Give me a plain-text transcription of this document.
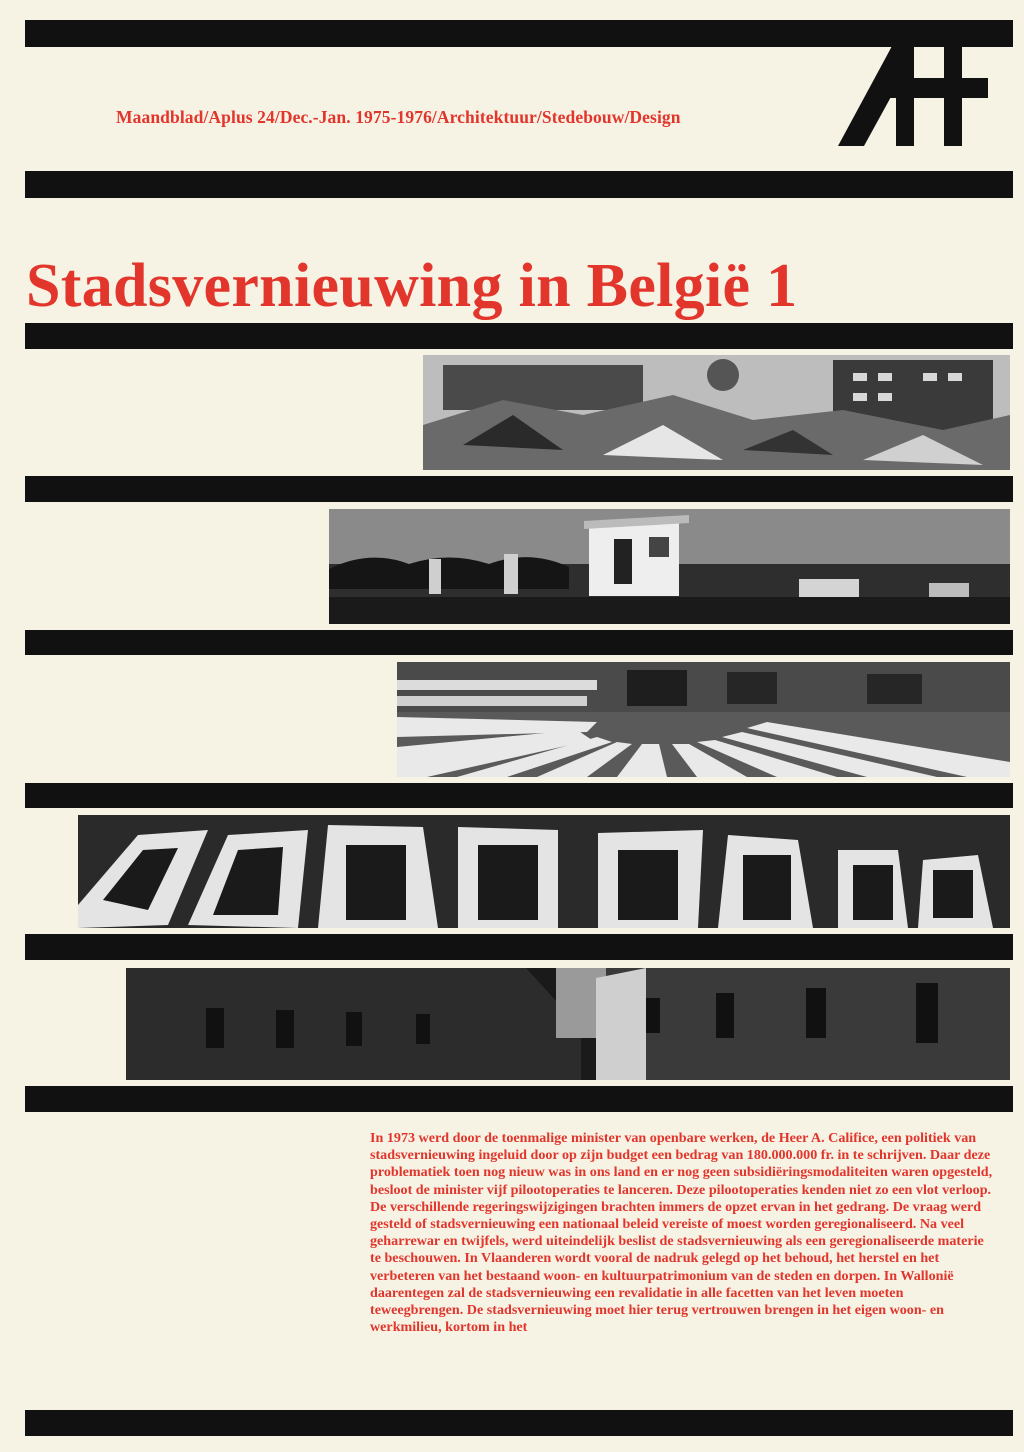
Maandblad/Aplus 24/Dec.-Jan. 1975-1976/Architektuur/Stedebouw/Design
Stadsvernieuwing in België 1

In 1973 werd door de toenmalige minister van openbare werken, de Heer A. Califice, een politiek van stadsvernieuwing ingeluid door op zijn budget een bedrag van 180.000.000 fr. in te schrijven. Daar deze problematiek toen nog nieuw was in ons land en er nog geen subsidiëringsmodaliteiten waren opgesteld, besloot de minister vijf pilootoperaties te lanceren. Deze pilootoperaties kenden niet zo een vlot verloop. De verschillende regeringswijzigingen brachten immers de opzet ervan in het gedrang. De vraag werd gesteld of stadsvernieuwing een nationaal beleid vereiste of moest worden geregionaliseerd. Na veel geharrewar en twijfels, werd uiteindelijk beslist de stadsvernieuwing als een geregionaliseerde materie te beschouwen. In Vlaanderen wordt vooral de nadruk gelegd op het behoud, het herstel en het verbeteren van het bestaand woon- en kultuurpatrimonium van de steden en dorpen. In Wallonië daarentegen zal de stadsvernieuwing een revalidatie in alle facetten van het leven moeten teweegbrengen. De stadsvernieuwing moet hier terug vertrouwen brengen in het eigen woon- en werkmilieu, kortom in het
